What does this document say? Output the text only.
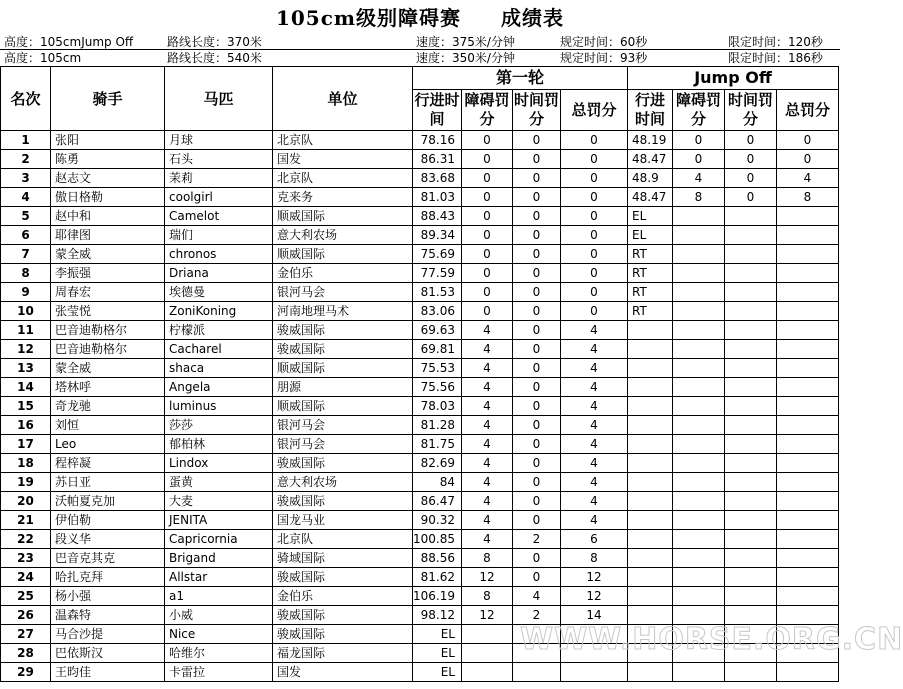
105cm级别障碍赛 成绩表
高度：105cmJump Off	路线长度：370米	速度：375米/分钟	规定时间：60秒	限定时间：120秒
高度：105cm	路线长度：540米	速度：350米/分钟	规定时间：93秒	限定时间：186秒
名次	骑手	马匹	单位	第一轮				Jump Off			
				行进时间	障碍罚分	时间罚分	总罚分	行进时间	障碍罚分	时间罚分	总罚分
1	张阳	月球	北京队	78.16	0	0	0	48.19	0	0	0
2	陈勇	石头	国发	86.31	0	0	0	48.47	0	0	0
3	赵志文	茉莉	北京队	83.68	0	0	0	48.9	4	0	4
4	傲日格勒	coolgirl	克来务	81.03	0	0	0	48.47	8	0	8
5	赵中和	Camelot	顺威国际	88.43	0	0	0	EL			
6	耶律图	瑞们	意大利农场	89.34	0	0	0	EL			
7	蒙全威	chronos	顺威国际	75.69	0	0	0	RT			
8	李振强	Driana	金伯乐	77.59	0	0	0	RT			
9	周春宏	埃德曼	银河马会	81.53	0	0	0	RT			
10	张莹悦	ZoniKoning	河南地理马术	83.06	0	0	0	RT			
11	巴音迪勒格尔	柠檬派	骏威国际	69.63	4	0	4				
12	巴音迪勒格尔	Cacharel	骏威国际	69.81	4	0	4				
13	蒙全威	shaca	顺威国际	75.53	4	0	4				
14	塔林呼	Angela	朋源	75.56	4	0	4				
15	奇龙驰	luminus	顺威国际	78.03	4	0	4				
16	刘恒	莎莎	银河马会	81.28	4	0	4				
17	Leo	郁柏林	银河马会	81.75	4	0	4				
18	程梓凝	Lindox	骏威国际	82.69	4	0	4				
19	苏日亚	蛋黄	意大利农场	84	4	0	4				
20	沃帕夏克加	大麦	骏威国际	86.47	4	0	4				
21	伊伯勒	JENITA	国龙马业	90.32	4	0	4				
22	段义华	Capricornia	北京队	100.85	4	2	6				
23	巴音克其克	Brigand	骑域国际	88.56	8	0	8				
24	哈扎克拜	Allstar	骏威国际	81.62	12	0	12				
25	杨小强	a1	金伯乐	106.19	8	4	12				
26	温森特	小威	骏威国际	98.12	12	2	14				
27	马合沙提	Nice	骏威国际	EL							
28	巴依斯汉	哈维尔	福龙国际	EL							
29	王昀佳	卡雷拉	国发	EL							
WWW.HORSE.ORG.CN
